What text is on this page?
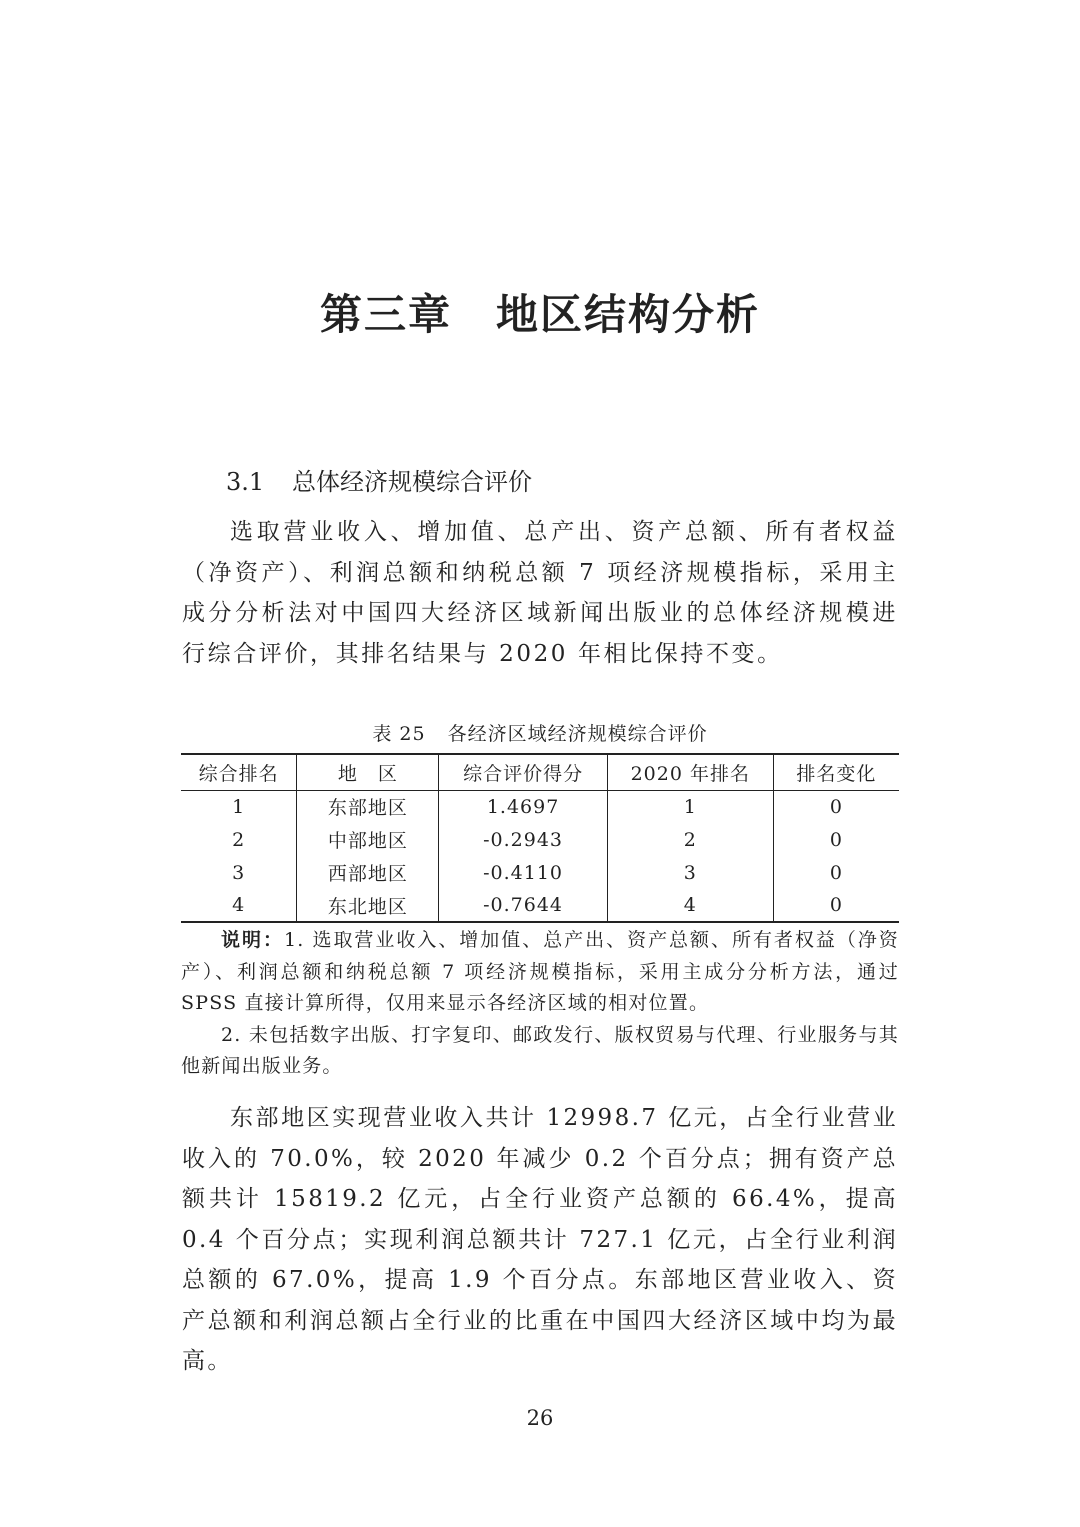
第三章 地区结构分析
3.1 总体经济规模综合评价

选取营业收入、增加值、总产出、资产总额、所有者权益（净资产）、利润总额和纳税总额 7 项经济规模指标，采用主成分分析法对中国四大经济区域新闻出版业的总体经济规模进行综合评价，其排名结果与 2020 年相比保持不变。

表 25 各经济区域经济规模综合评价

综合排名	地　区	综合评价得分	2020 年排名	排名变化
1	东部地区	1.4697	1	0
2	中部地区	-0.2943	2	0
3	西部地区	-0.4110	3	0
4	东北地区	-0.7644	4	0

说明：1. 选取营业收入、增加值、总产出、资产总额、所有者权益（净资产）、利润总额和纳税总额 7 项经济规模指标，采用主成分分析方法，通过 SPSS 直接计算所得，仅用来显示各经济区域的相对位置。

2. 未包括数字出版、打字复印、邮政发行、版权贸易与代理、行业服务与其他新闻出版业务。

东部地区实现营业收入共计 12998.7 亿元，占全行业营业收入的 70.0%，较 2020 年减少 0.2 个百分点；拥有资产总额共计 15819.2 亿元，占全行业资产总额的 66.4%，提高 0.4 个百分点；实现利润总额共计 727.1 亿元，占全行业利润总额的 67.0%，提高 1.9 个百分点。东部地区营业收入、资产总额和利润总额占全行业的比重在中国四大经济区域中均为最高。

26
